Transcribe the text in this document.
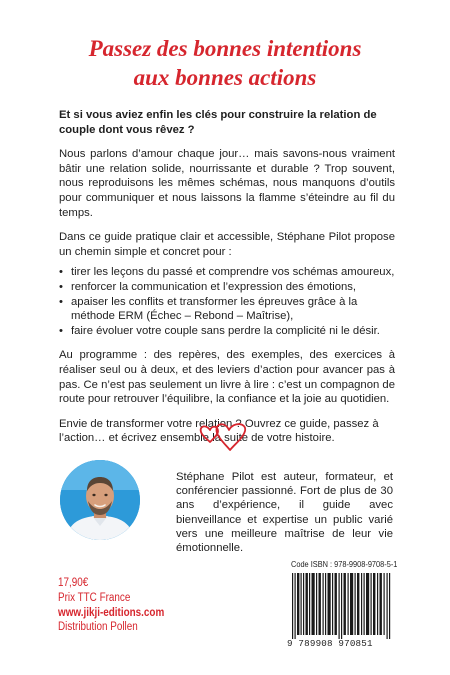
Passez des bonnes intentions
aux bonnes actions

Et si vous aviez enfin les clés pour construire la relation de couple dont vous rêvez ?

Nous parlons d’amour chaque jour… mais savons-nous vraiment bâtir une relation solide, nourrissante et durable ? Trop souvent, nous reproduisons les mêmes schémas, nous manquons d’outils pour communiquer et nous laissons la flamme s’éteindre au fil du temps.

Dans ce guide pratique clair et accessible, Stéphane Pilot propose un chemin simple et concret pour :

• tirer les leçons du passé et comprendre vos schémas amoureux,
• renforcer la communication et l’expression des émotions,
• apaiser les conflits et transformer les épreuves grâce à la méthode ERM (Échec – Rebond – Maîtrise),
• faire évoluer votre couple sans perdre la complicité ni le désir.

Au programme : des repères, des exemples, des exercices à réaliser seul ou à deux, et des leviers d’action pour avancer pas à pas. Ce n’est pas seulement un livre à lire : c’est un compagnon de route pour retrouver l’équilibre, la confiance et la joie au quotidien.

Envie de transformer votre relation ? Ouvrez ce guide, passez à l’action… et écrivez ensemble la suite de votre histoire.

Stéphane Pilot est auteur, formateur, et conférencier passionné. Fort de plus de 30 ans d’expérience, il guide avec bienveillance et expertise un public varié vers une meilleure maîtrise de leur vie émotionnelle.
17,90€
Prix TTC France
www.jikji-editions.com
Distribution Pollen
Code ISBN : 978-9908-9708-5-1
9 789908 970851
